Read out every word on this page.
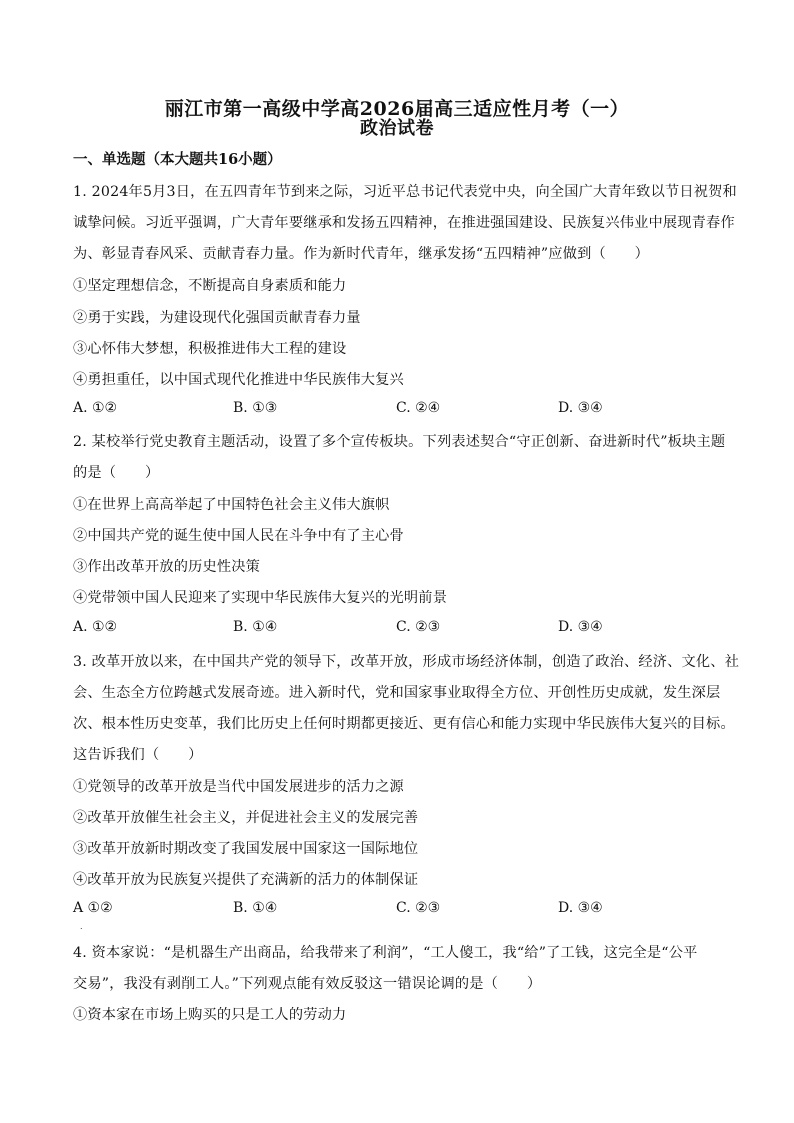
丽江市第一高级中学高2026届高三适应性月考（一）
政治试卷
一、单选题（本大题共16小题）
1. 2024年5月3日，在五四青年节到来之际，习近平总书记代表党中央，向全国广大青年致以节日祝贺和
诚挚问候。习近平强调，广大青年要继承和发扬五四精神，在推进强国建设、民族复兴伟业中展现青春作
为、彰显青春风采、贡献青春力量。作为新时代青年，继承发扬“五四精神”应做到（　　）
①坚定理想信念，不断提高自身素质和能力
②勇于实践，为建设现代化强国贡献青春力量
③心怀伟大梦想，积极推进伟大工程的建设
④勇担重任，以中国式现代化推进中华民族伟大复兴
A. ①②	B. ①③	C. ②④	D. ③④
2. 某校举行党史教育主题活动，设置了多个宣传板块。下列表述契合“守正创新、奋进新时代”板块主题
的是（　　）
①在世界上高高举起了中国特色社会主义伟大旗帜
②中国共产党的诞生使中国人民在斗争中有了主心骨
③作出改革开放的历史性决策
④党带领中国人民迎来了实现中华民族伟大复兴的光明前景
A. ①②	B. ①④	C. ②③	D. ③④
3. 改革开放以来，在中国共产党的领导下，改革开放，形成市场经济体制，创造了政治、经济、文化、社
会、生态全方位跨越式发展奇迹。进入新时代，党和国家事业取得全方位、开创性历史成就，发生深层
次、根本性历史变革，我们比历史上任何时期都更接近、更有信心和能力实现中华民族伟大复兴的目标。
这告诉我们（　　）
①党领导的改革开放是当代中国发展进步的活力之源
②改革开放催生社会主义，并促进社会主义的发展完善
③改革开放新时期改变了我国发展中国家这一国际地位
④改革开放为民族复兴提供了充满新的活力的体制保证
A ①②	B. ①④	C. ②③	D. ③④
.
4. 资本家说：“是机器生产出商品，给我带来了利润”，“工人傻工，我“给”了工钱，这完全是“公平
交易”，我没有剥削工人。”下列观点能有效反驳这一错误论调的是（　　）
①资本家在市场上购买的只是工人的劳动力
